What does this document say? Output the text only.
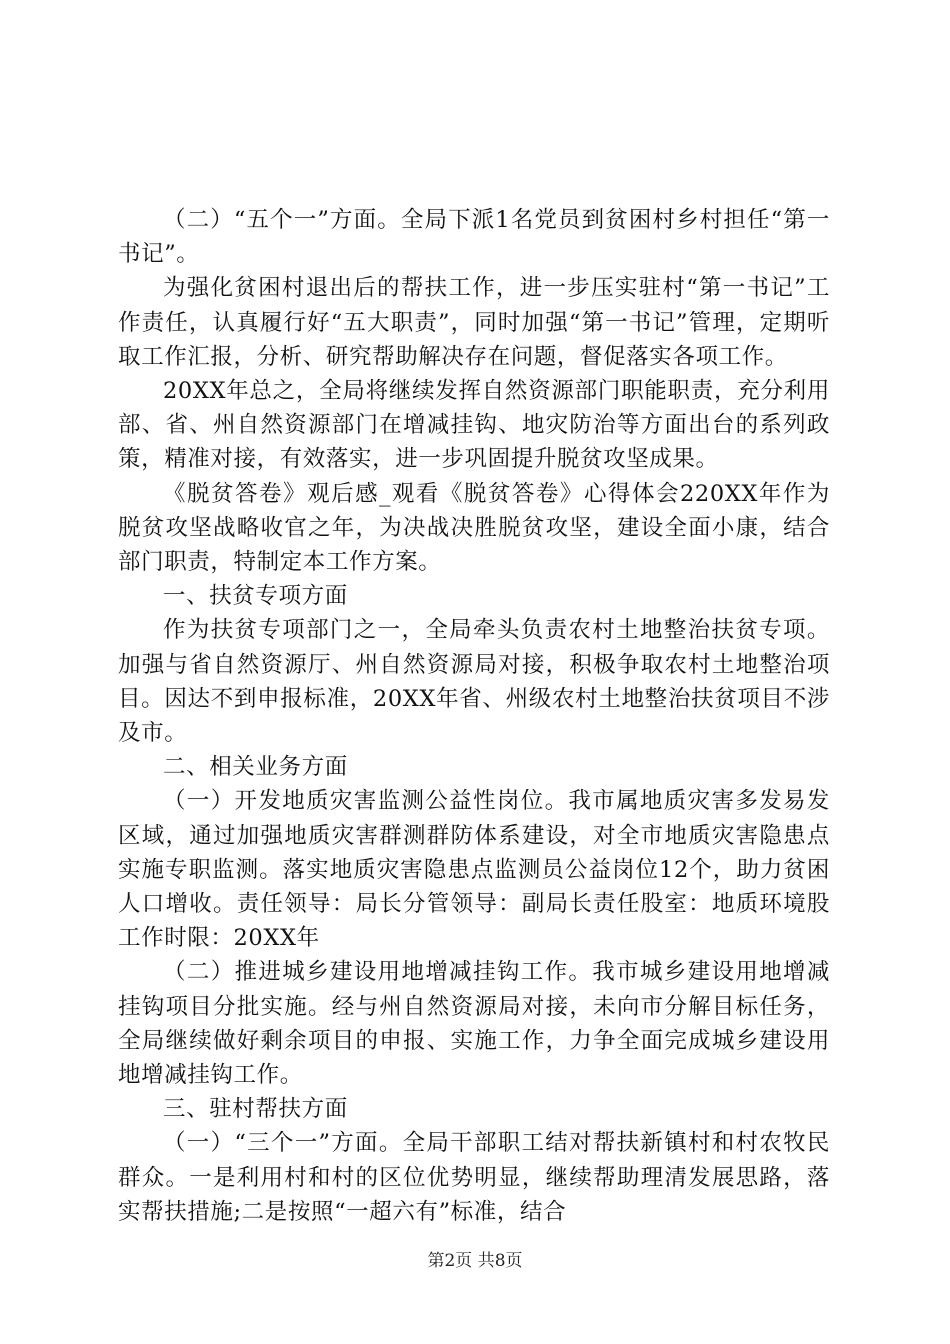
（二）“五个一”方面。全局下派1名党员到贫困村乡村担任“第一书记”。

为强化贫困村退出后的帮扶工作，进一步压实驻村“第一书记”工作责任，认真履行好“五大职责”，同时加强“第一书记”管理，定期听取工作汇报，分析、研究帮助解决存在问题，督促落实各项工作。

20XX年总之，全局将继续发挥自然资源部门职能职责，充分利用部、省、州自然资源部门在增减挂钩、地灾防治等方面出台的系列政策，精准对接，有效落实，进一步巩固提升脱贫攻坚成果。

《脱贫答卷》观后感_观看《脱贫答卷》心得体会220XX年作为脱贫攻坚战略收官之年，为决战决胜脱贫攻坚，建设全面小康，结合部门职责，特制定本工作方案。

一、扶贫专项方面

作为扶贫专项部门之一，全局牵头负责农村土地整治扶贫专项。加强与省自然资源厅、州自然资源局对接，积极争取农村土地整治项目。因达不到申报标准，20XX年省、州级农村土地整治扶贫项目不涉及市。

二、相关业务方面

（一）开发地质灾害监测公益性岗位。我市属地质灾害多发易发区域，通过加强地质灾害群测群防体系建设，对全市地质灾害隐患点实施专职监测。落实地质灾害隐患点监测员公益岗位12个，助力贫困人口增收。责任领导：局长分管领导：副局长责任股室：地质环境股工作时限：20XX年

（二）推进城乡建设用地增减挂钩工作。我市城乡建设用地增减挂钩项目分批实施。经与州自然资源局对接，未向市分解目标任务，全局继续做好剩余项目的申报、实施工作，力争全面完成城乡建设用地增减挂钩工作。

三、驻村帮扶方面

（一）“三个一”方面。全局干部职工结对帮扶新镇村和村农牧民群众。一是利用村和村的区位优势明显，继续帮助理清发展思路，落实帮扶措施;二是按照“一超六有”标准，结合

第2页 共8页
